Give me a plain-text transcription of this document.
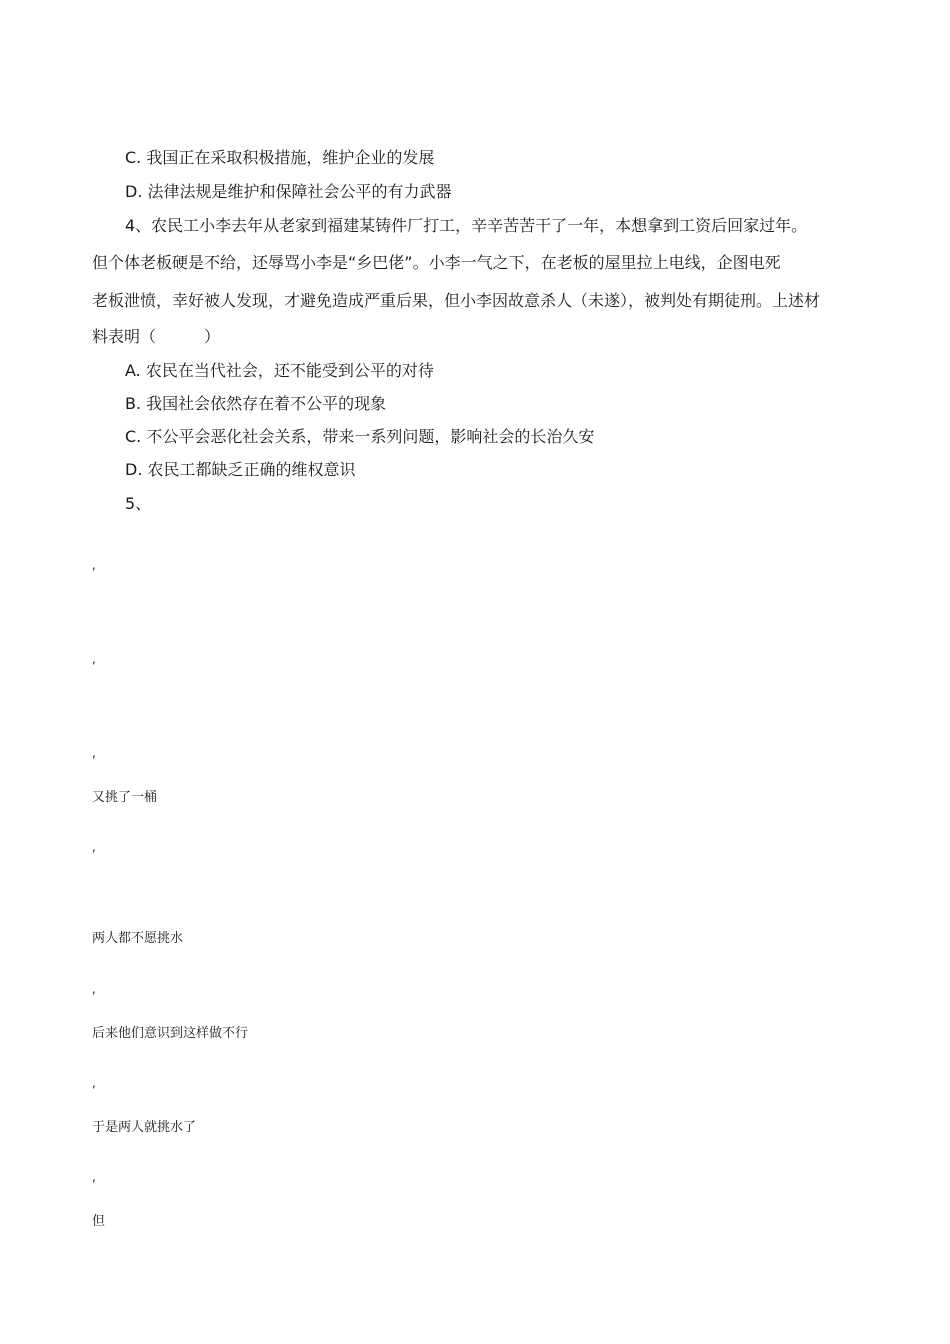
C. 我国正在采取积极措施，维护企业的发展
D. 法律法规是维护和保障社会公平的有力武器
4、农民工小李去年从老家到福建某铸件厂打工，辛辛苦苦干了一年，本想拿到工资后回家过年。
但个体老板硬是不给，还辱骂小李是“乡巴佬”。小李一气之下，在老板的屋里拉上电线，企图电死
老板泄愤，幸好被人发现，才避免造成严重后果，但小李因故意杀人（未遂），被判处有期徒刑。上述材
料表明（　　　）
A. 农民在当代社会，还不能受到公平的对待
B. 我国社会依然存在着不公平的现象
C. 不公平会恶化社会关系，带来一系列问题，影响社会的长治久安
D. 农民工都缺乏正确的维权意识
5、
,
,
,
又挑了一桶
,
两人都不愿挑水
,
后来他们意识到这样做不行
,
于是两人就挑水了
,
但
